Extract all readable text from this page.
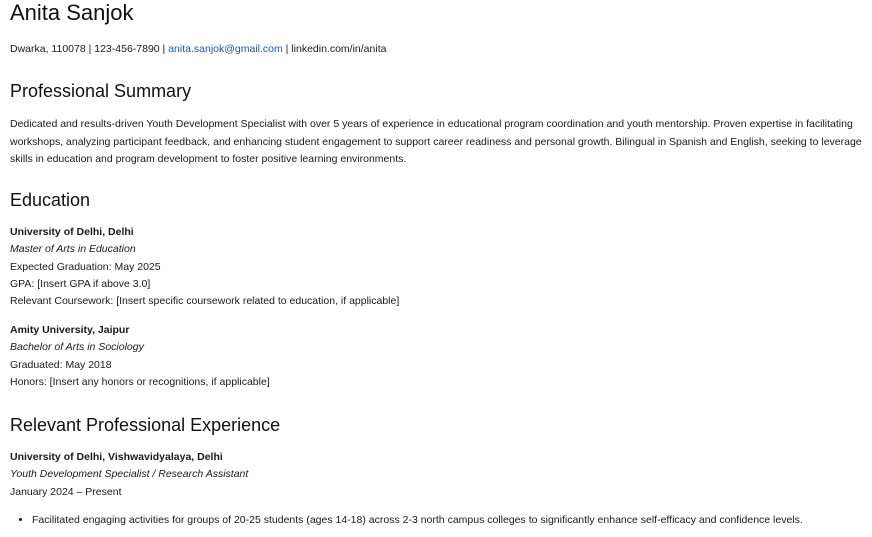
Anita Sanjok
Dwarka, 110078 | 123-456-7890 | anita.sanjok@gmail.com | linkedin.com/in/anita
Professional Summary
Dedicated and results-driven Youth Development Specialist with over 5 years of experience in educational program coordination and youth mentorship. Proven expertise in facilitating workshops, analyzing participant feedback, and enhancing student engagement to support career readiness and personal growth. Bilingual in Spanish and English, seeking to leverage skills in education and program development to foster positive learning environments.
Education
University of Delhi, Delhi
Master of Arts in Education
Expected Graduation: May 2025
GPA: [Insert GPA if above 3.0]
Relevant Coursework: [Insert specific coursework related to education, if applicable]
Amity University, Jaipur
Bachelor of Arts in Sociology
Graduated: May 2018
Honors: [Insert any honors or recognitions, if applicable]
Relevant Professional Experience
University of Delhi, Vishwavidyalaya, Delhi
Youth Development Specialist / Research Assistant
January 2024 – Present
• Facilitated engaging activities for groups of 20-25 students (ages 14-18) across 2-3 north campus colleges to significantly enhance self-efficacy and confidence levels.
